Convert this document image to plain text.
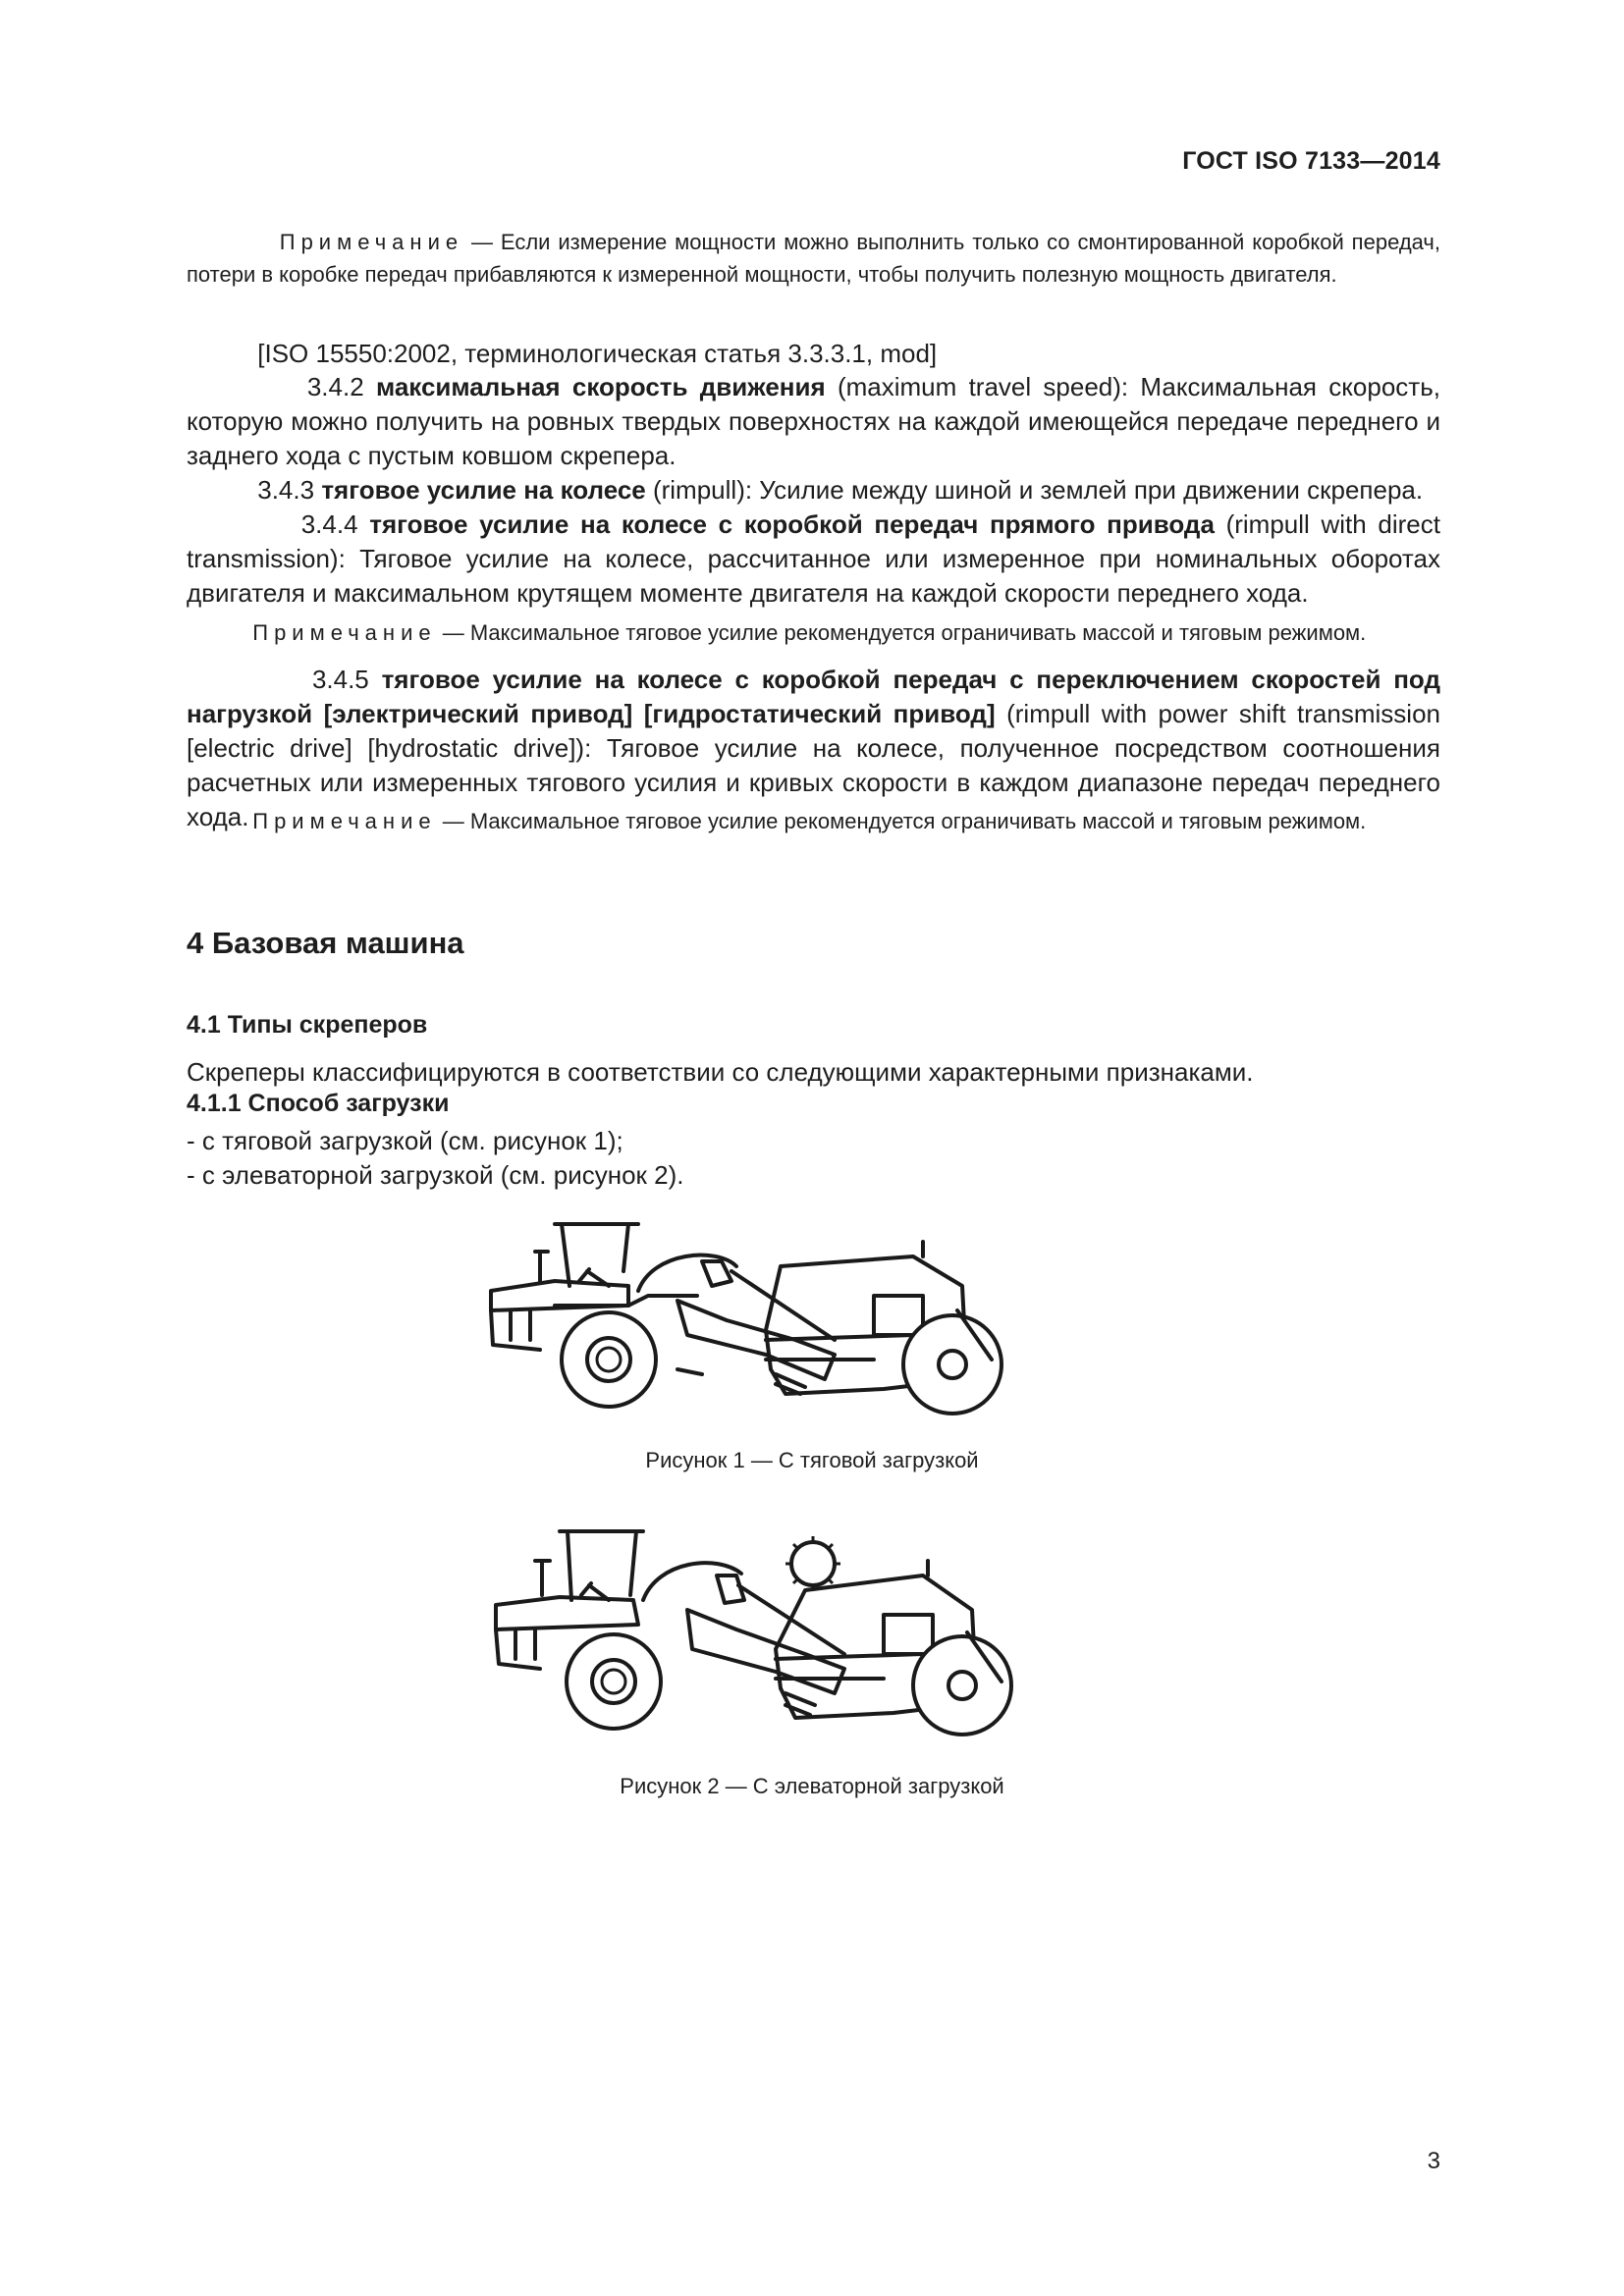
ГОСТ ISO 7133—2014
Примечание — Если измерение мощности можно выполнить только со смонтированной коробкой передач, потери в коробке передач прибавляются к измеренной мощности, чтобы получить полезную мощность двигателя.
[ISO 15550:2002, терминологическая статья 3.3.3.1, mod]
3.4.2 максимальная скорость движения (maximum travel speed): Максимальная скорость, которую можно получить на ровных твердых поверхностях на каждой имеющейся передаче переднего и заднего хода с пустым ковшом скрепера.
3.4.3 тяговое усилие на колесе (rimpull): Усилие между шиной и землей при движении скрепера.
3.4.4 тяговое усилие на колесе с коробкой передач прямого привода (rimpull with direct transmission): Тяговое усилие на колесе, рассчитанное или измеренное при номинальных оборотах двигателя и максимальном крутящем моменте двигателя на каждой скорости переднего хода.
Примечание — Максимальное тяговое усилие рекомендуется ограничивать массой и тяговым режимом.
3.4.5 тяговое усилие на колесе с коробкой передач с переключением скоростей под нагрузкой [электрический привод] [гидростатический привод] (rimpull with power shift transmission [electric drive] [hydrostatic drive]): Тяговое усилие на колесе, полученное посредством соотношения расчетных или измеренных тягового усилия и кривых скорости в каждом диапазоне передач переднего хода. Примечание — Максимальное тяговое усилие рекомендуется ограничивать массой и тяговым режимом.
4 Базовая машина
4.1 Типы скреперов
Скреперы классифицируются в соответствии со следующими характерными признаками.
4.1.1 Способ загрузки
- с тяговой загрузкой (см. рисунок 1);
- с элеваторной загрузкой (см. рисунок 2).
Рисунок 1 — С тяговой загрузкой
Рисунок 2 — С элеваторной загрузкой
3
